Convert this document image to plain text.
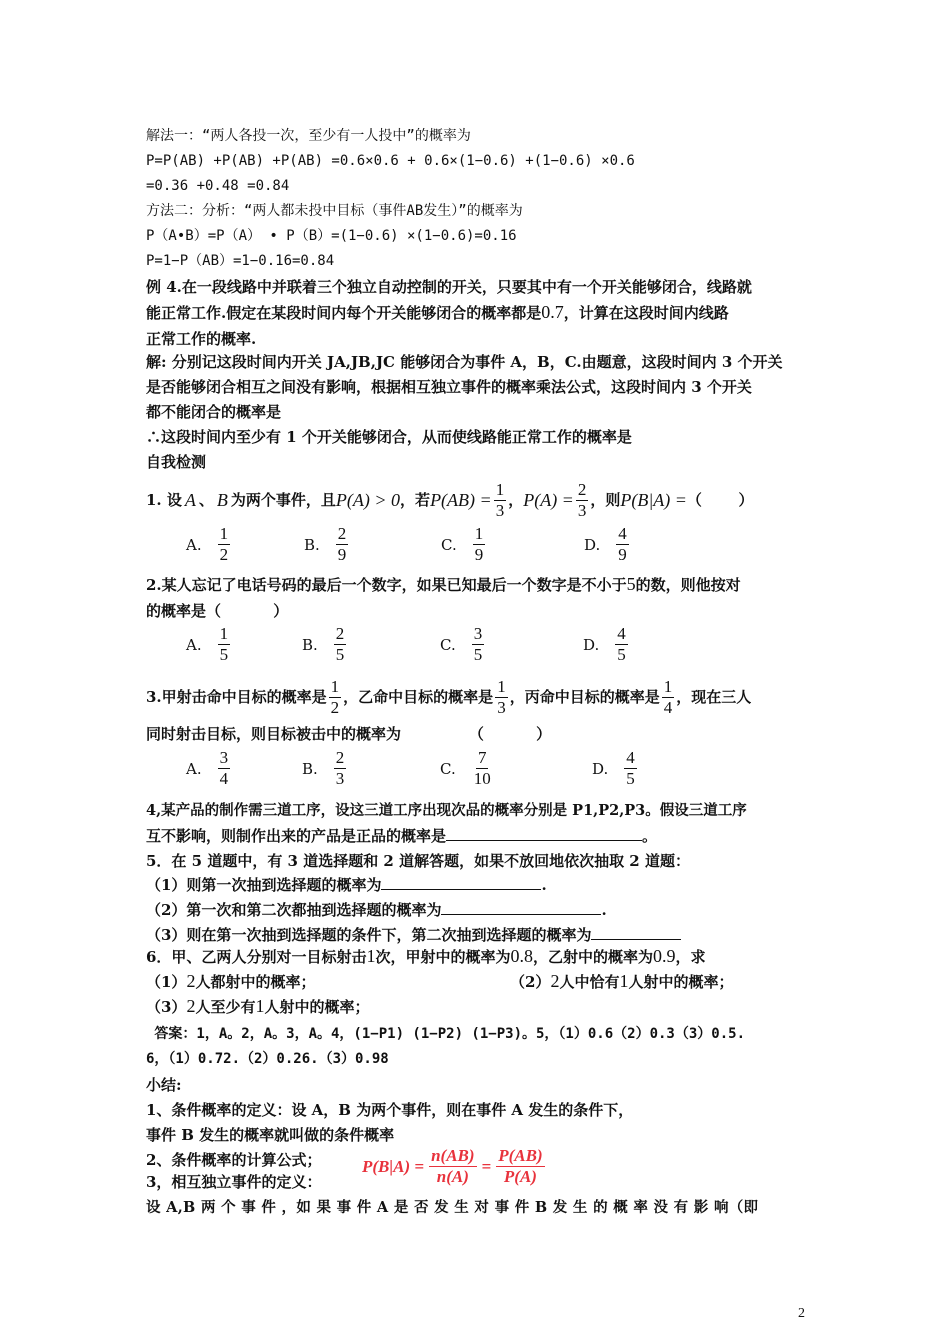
解法一：“两人各投一次，至少有一人投中”的概率为
P=P(AB) +P(AB) +P(AB) =0.6×0.6 + 0.6×(1−0.6) +(1−0.6) ×0.6
=0.36 +0.48 =0.84
方法二：分析：“两人都未投中目标（事件AB发生）”的概率为
P（A•B）=P（A） • P（B）=(1−0.6) ×(1−0.6)=0.16
P=1−P（AB）=1−0.16=0.84
例 4.在一段线路中并联着三个独立自动控制的开关，只要其中有一个开关能够闭合，线路就
能正常工作.假定在某段时间内每个开关能够闭合的概率都是0.7，计算在这段时间内线路
正常工作的概率.
解: 分别记这段时间内开关 JA,JB,JC 能够闭合为事件 A，B，C.由题意，这段时间内 3 个开关
是否能够闭合相互之间没有影响，根据相互独立事件的概率乘法公式，这段时间内 3 个开关
都不能闭合的概率是
∴这段时间内至少有 1 个开关能够闭合，从而使线路能正常工作的概率是
自我检测
1. 设 A 、 B 为两个事件，且 P(A) > 0 ，若 $P(AB) = \frac{1}{3}$ ， $P(A) = \frac{2}{3}$ ，则 P(B|A) = （       ）
A. $\frac{1}{2}$	B. $\frac{2}{9}$	C. $\frac{1}{9}$	D. $\frac{4}{9}$
2.某人忘记了电话号码的最后一个数字，如果已知最后一个数字是不小于5的数，则他按对
的概率是（          ）
A. $\frac{1}{5}$	B. $\frac{2}{5}$	C. $\frac{3}{5}$	D. $\frac{4}{5}$
3.甲射击命中目标的概率是 $\frac{1}{2}$ ，乙命中目标的概率是 $\frac{1}{3}$ ，丙命中目标的概率是 $\frac{1}{4}$ ，现在三人
同时射击目标，则目标被击中的概率为             （          ）
A. $\frac{3}{4}$	B. $\frac{2}{3}$	C. $\frac{7}{10}$	D. $\frac{4}{5}$
4,某产品的制作需三道工序，设这三道工序出现次品的概率分别是 P1,P2,P3。假设三道工序
互不影响，则制作出来的产品是正品的概率是	。
5．在 5 道题中，有 3 道选择题和 2 道解答题，如果不放回地依次抽取 2 道题：
（1）则第一次抽到选择题的概率为	.
（2）第一次和第二次都抽到选择题的概率为	.
（3）则在第一次抽到选择题的条件下，第二次抽到选择题的概率为
6．甲、乙两人分别对一目标射击1次，甲射中的概率为0.8，乙射中的概率为0.9，求
（1）2人都射中的概率；	（2）2人中恰有1人射中的概率；
（3）2人至少有1人射中的概率；
答案：1，A。2，A。3，A。4，(1−P1) (1−P2) (1−P3)。5，（1）0.6（2）0.3（3）0.5.
6，（1）0.72.（2）0.26.（3）0.98
小结:
1、条件概率的定义：设 A，B 为两个事件，则在事件 A 发生的条件下，
事件 B 发生的概率就叫做的条件概率
2、条件概率的计算公式； $P(B|A) = \frac{n(AB)}{n(A)} = \frac{P(AB)}{P(A)}$
3，相互独立事件的定义：
设 A,B 两 个 事 件 ，如 果 事 件 A 是 否 发 生 对 事 件 B 发 生 的 概 率 没 有 影 响（即
2
